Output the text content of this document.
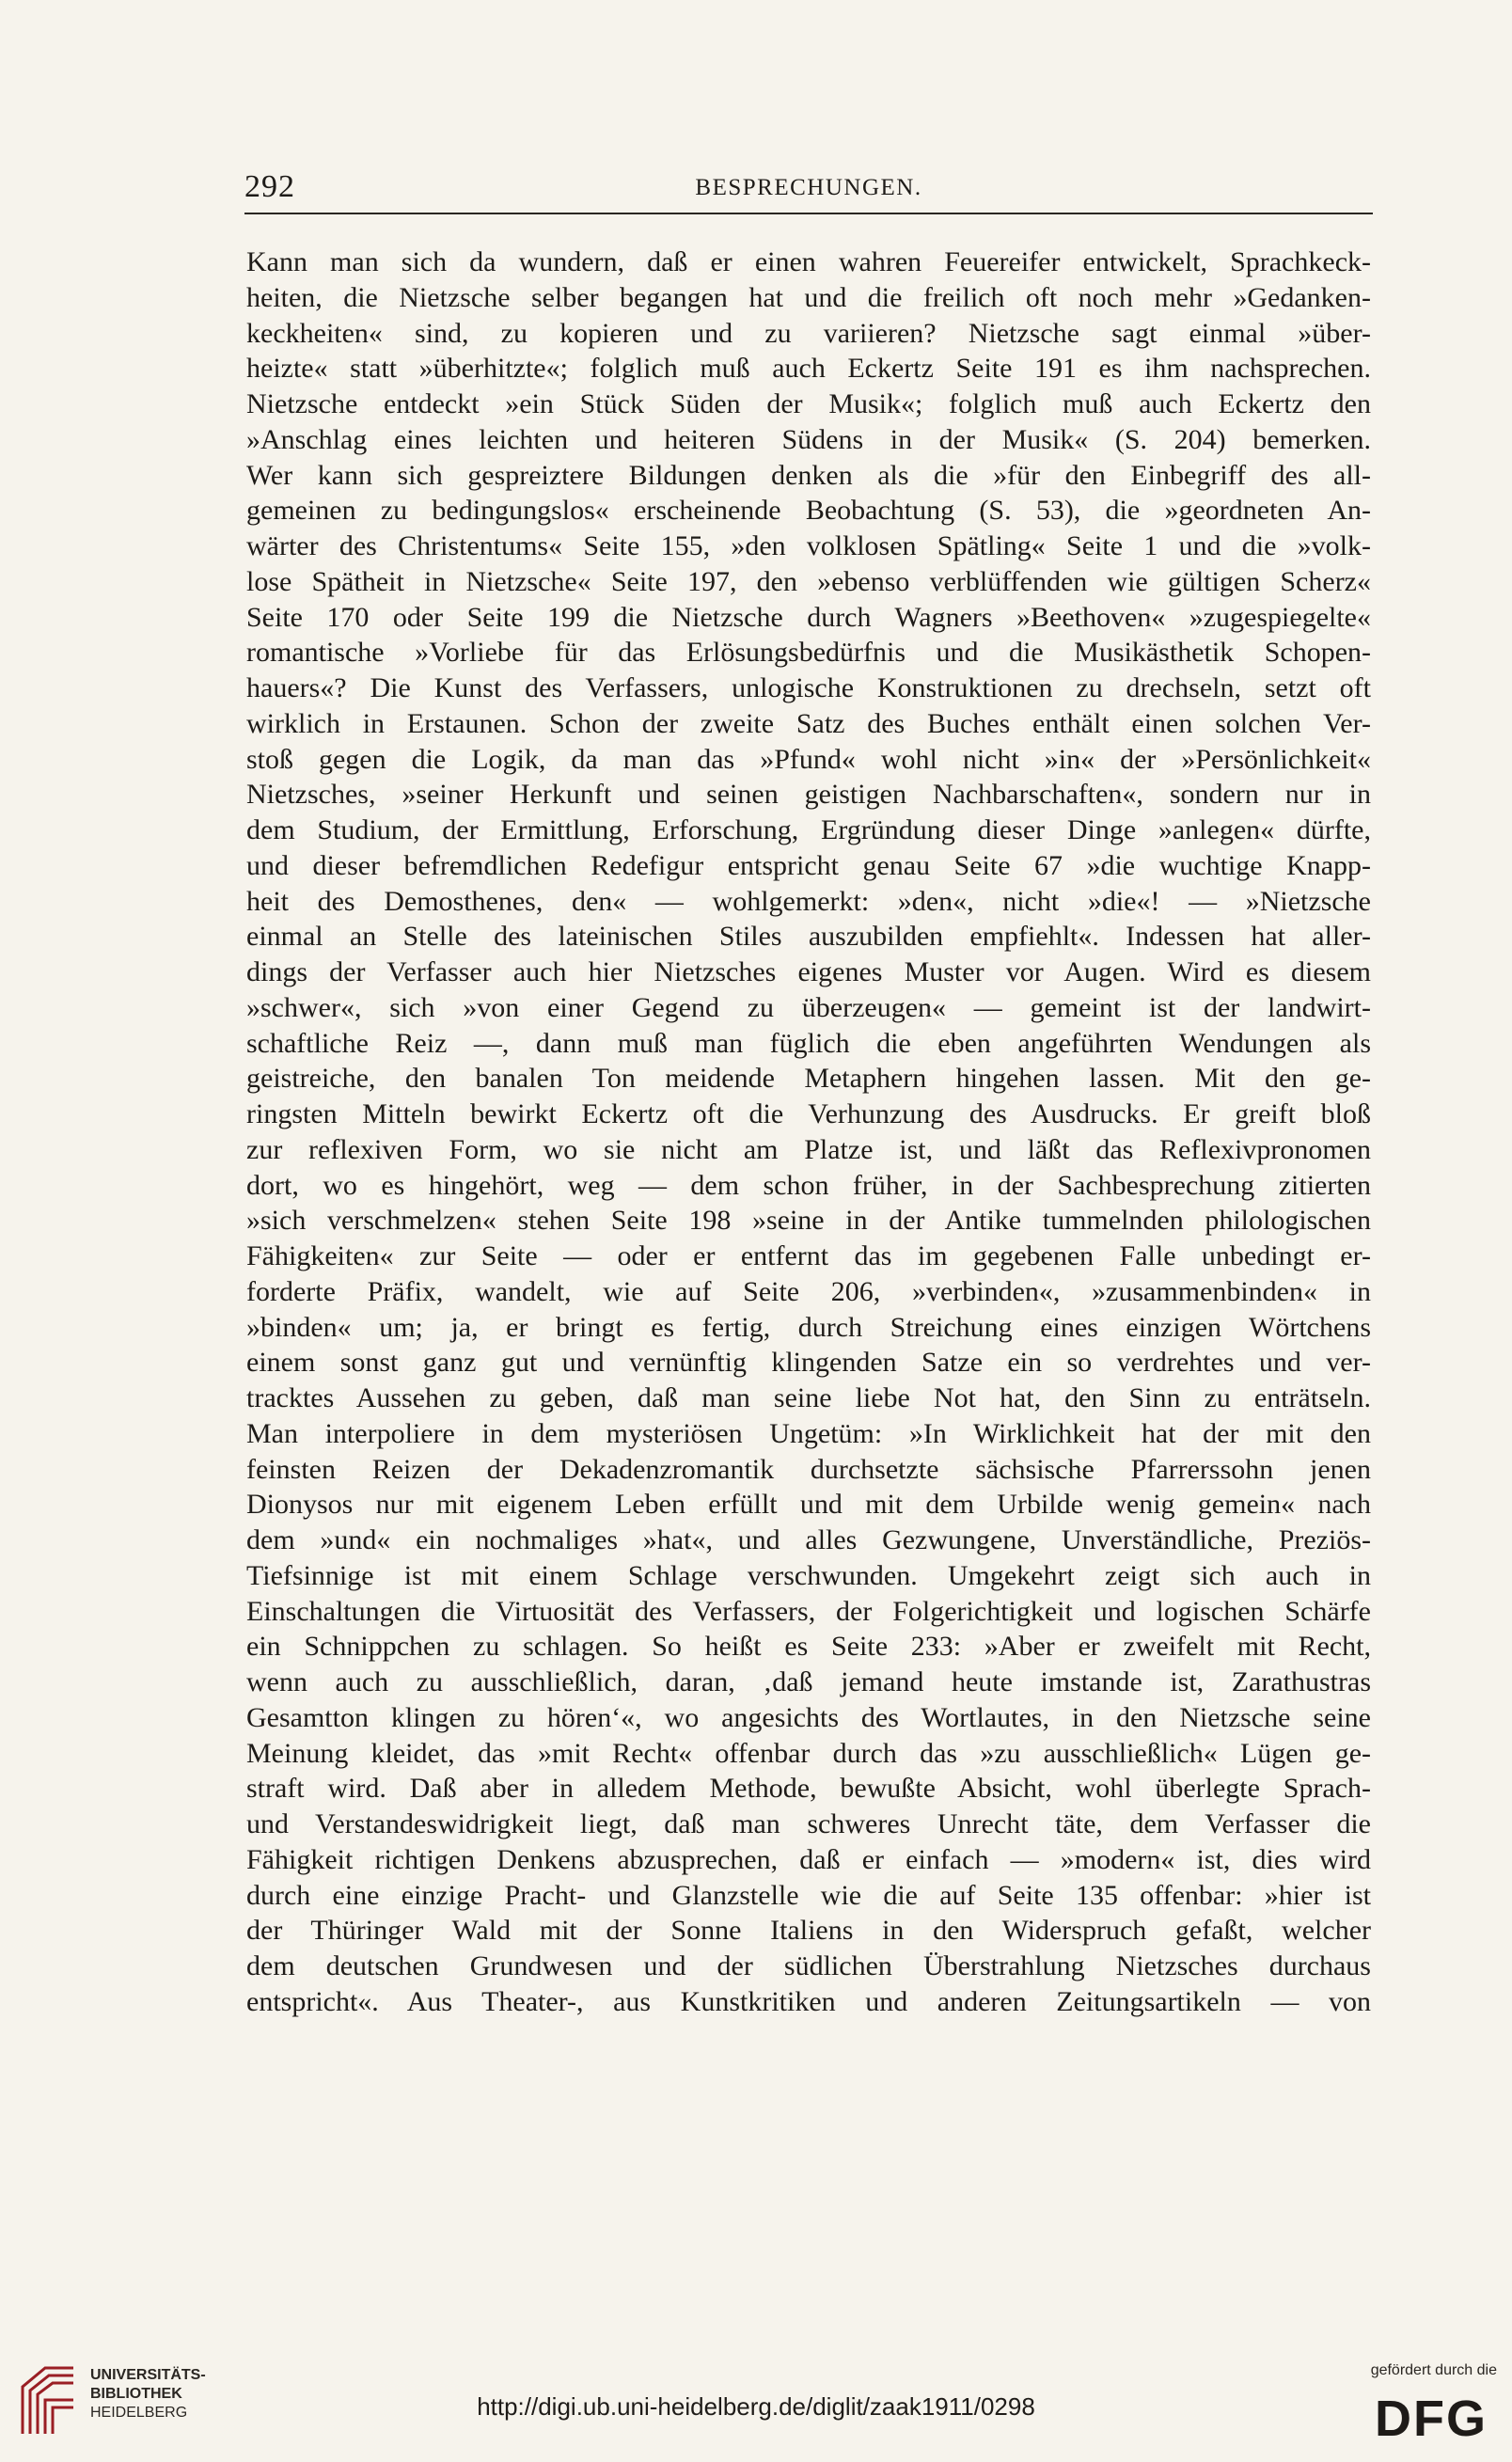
292	BESPRECHUNGEN.
Kann man sich da wundern, daß er einen wahren Feuereifer entwickelt, Sprachkeck-
heiten, die Nietzsche selber begangen hat und die freilich oft noch mehr »Gedanken-
keckheiten« sind, zu kopieren und zu variieren? Nietzsche sagt einmal »über-
heizte« statt »überhitzte«; folglich muß auch Eckertz Seite 191 es ihm nachsprechen.
Nietzsche entdeckt »ein Stück Süden der Musik«; folglich muß auch Eckertz den
»Anschlag eines leichten und heiteren Südens in der Musik« (S. 204) bemerken.
Wer kann sich gespreiztere Bildungen denken als die »für den Einbegriff des all-
gemeinen zu bedingungslos« erscheinende Beobachtung (S. 53), die »geordneten An-
wärter des Christentums« Seite 155, »den volklosen Spätling« Seite 1 und die »volk-
lose Spätheit in Nietzsche« Seite 197, den »ebenso verblüffenden wie gültigen Scherz«
Seite 170 oder Seite 199 die Nietzsche durch Wagners »Beethoven« »zugespiegelte«
romantische »Vorliebe für das Erlösungsbedürfnis und die Musikästhetik Schopen-
hauers«? Die Kunst des Verfassers, unlogische Konstruktionen zu drechseln, setzt oft
wirklich in Erstaunen. Schon der zweite Satz des Buches enthält einen solchen Ver-
stoß gegen die Logik, da man das »Pfund« wohl nicht »in« der »Persönlichkeit«
Nietzsches, »seiner Herkunft und seinen geistigen Nachbarschaften«, sondern nur in
dem Studium, der Ermittlung, Erforschung, Ergründung dieser Dinge »anlegen« dürfte,
und dieser befremdlichen Redefigur entspricht genau Seite 67 »die wuchtige Knapp-
heit des Demosthenes, den« — wohlgemerkt: »den«, nicht »die«! — »Nietzsche
einmal an Stelle des lateinischen Stiles auszubilden empfiehlt«. Indessen hat aller-
dings der Verfasser auch hier Nietzsches eigenes Muster vor Augen. Wird es diesem
»schwer«, sich »von einer Gegend zu überzeugen« — gemeint ist der landwirt-
schaftliche Reiz —, dann muß man füglich die eben angeführten Wendungen als
geistreiche, den banalen Ton meidende Metaphern hingehen lassen. Mit den ge-
ringsten Mitteln bewirkt Eckertz oft die Verhunzung des Ausdrucks. Er greift bloß
zur reflexiven Form, wo sie nicht am Platze ist, und läßt das Reflexivpronomen
dort, wo es hingehört, weg — dem schon früher, in der Sachbesprechung zitierten
»sich verschmelzen« stehen Seite 198 »seine in der Antike tummelnden philologischen
Fähigkeiten« zur Seite — oder er entfernt das im gegebenen Falle unbedingt er-
forderte Präfix, wandelt, wie auf Seite 206, »verbinden«, »zusammenbinden« in
»binden« um; ja, er bringt es fertig, durch Streichung eines einzigen Wörtchens
einem sonst ganz gut und vernünftig klingenden Satze ein so verdrehtes und ver-
tracktes Aussehen zu geben, daß man seine liebe Not hat, den Sinn zu enträtseln.
Man interpoliere in dem mysteriösen Ungetüm: »In Wirklichkeit hat der mit den
feinsten Reizen der Dekadenzromantik durchsetzte sächsische Pfarrerssohn jenen
Dionysos nur mit eigenem Leben erfüllt und mit dem Urbilde wenig gemein« nach
dem »und« ein nochmaliges »hat«, und alles Gezwungene, Unverständliche, Preziös-
Tiefsinnige ist mit einem Schlage verschwunden. Umgekehrt zeigt sich auch in
Einschaltungen die Virtuosität des Verfassers, der Folgerichtigkeit und logischen Schärfe
ein Schnippchen zu schlagen. So heißt es Seite 233: »Aber er zweifelt mit Recht,
wenn auch zu ausschließlich, daran, ‚daß jemand heute imstande ist, Zarathustras
Gesamtton klingen zu hören‘«, wo angesichts des Wortlautes, in den Nietzsche seine
Meinung kleidet, das »mit Recht« offenbar durch das »zu ausschließlich« Lügen ge-
straft wird. Daß aber in alledem Methode, bewußte Absicht, wohl überlegte Sprach-
und Verstandeswidrigkeit liegt, daß man schweres Unrecht täte, dem Verfasser die
Fähigkeit richtigen Denkens abzusprechen, daß er einfach — »modern« ist, dies wird
durch eine einzige Pracht- und Glanzstelle wie die auf Seite 135 offenbar: »hier ist
der Thüringer Wald mit der Sonne Italiens in den Widerspruch gefaßt, welcher
dem deutschen Grundwesen und der südlichen Überstrahlung Nietzsches durchaus
entspricht«. Aus Theater-, aus Kunstkritiken und anderen Zeitungsartikeln — von
UNIVERSITÄTS-
BIBLIOTHEK
HEIDELBERG	http://digi.ub.uni-heidelberg.de/diglit/zaak1911/0298
gefördert durch die
DFG
